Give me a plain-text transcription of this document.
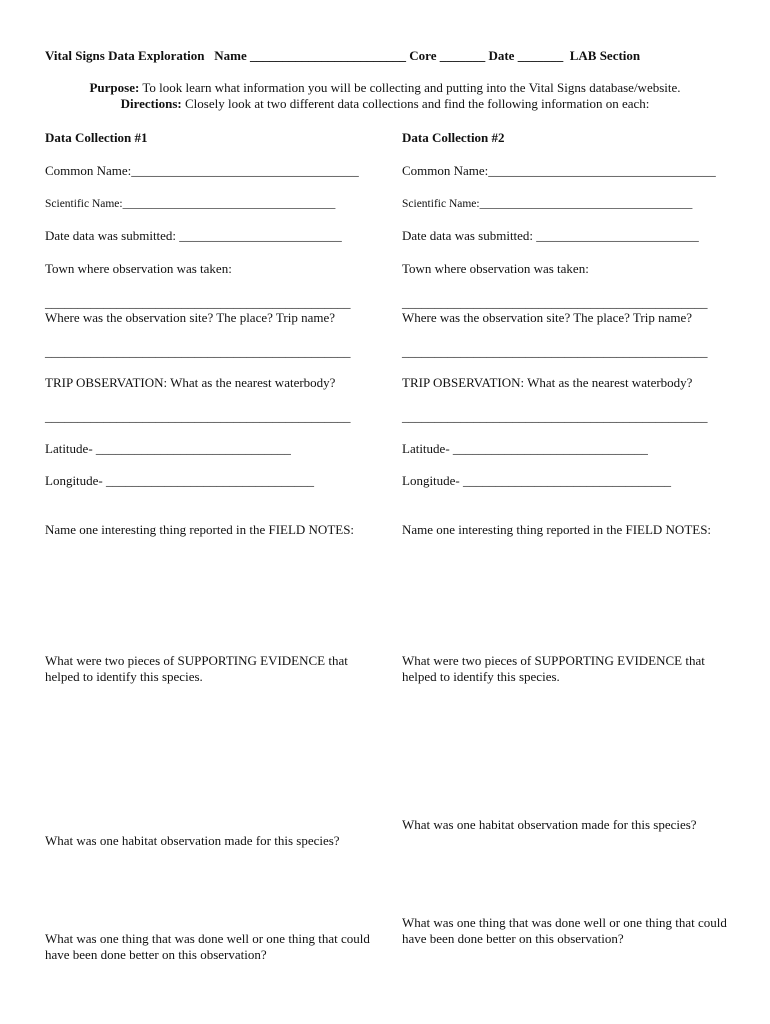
Vital Signs Data Exploration Name ________________________ Core _______ Date _______ LAB Section
Purpose: To look learn what information you will be collecting and putting into the Vital Signs database/website.
Directions: Closely look at two different data collections and find the following information on each:
Data Collection #1
Common Name:___________________________________
Scientific Name:_____________________________________
Date data was submitted: _________________________
Town where observation was taken:
_______________________________________________
Where was the observation site? The place? Trip name?
_______________________________________________
TRIP OBSERVATION: What as the nearest waterbody?
_______________________________________________
Latitude- ______________________________
Longitude- ________________________________
Name one interesting thing reported in the FIELD NOTES:
What were two pieces of SUPPORTING EVIDENCE that helped to identify this species.
What was one habitat observation made for this species?
What was one thing that was done well or one thing that could have been done better on this observation?
Data Collection #2
Common Name:___________________________________
Scientific Name:_____________________________________
Date data was submitted: _________________________
Town where observation was taken:
_______________________________________________
Where was the observation site? The place? Trip name?
_______________________________________________
TRIP OBSERVATION: What as the nearest waterbody?
_______________________________________________
Latitude- ______________________________
Longitude- ________________________________
Name one interesting thing reported in the FIELD NOTES:
What were two pieces of SUPPORTING EVIDENCE that helped to identify this species.
What was one habitat observation made for this species?
What was one thing that was done well or one thing that could have been done better on this observation?
